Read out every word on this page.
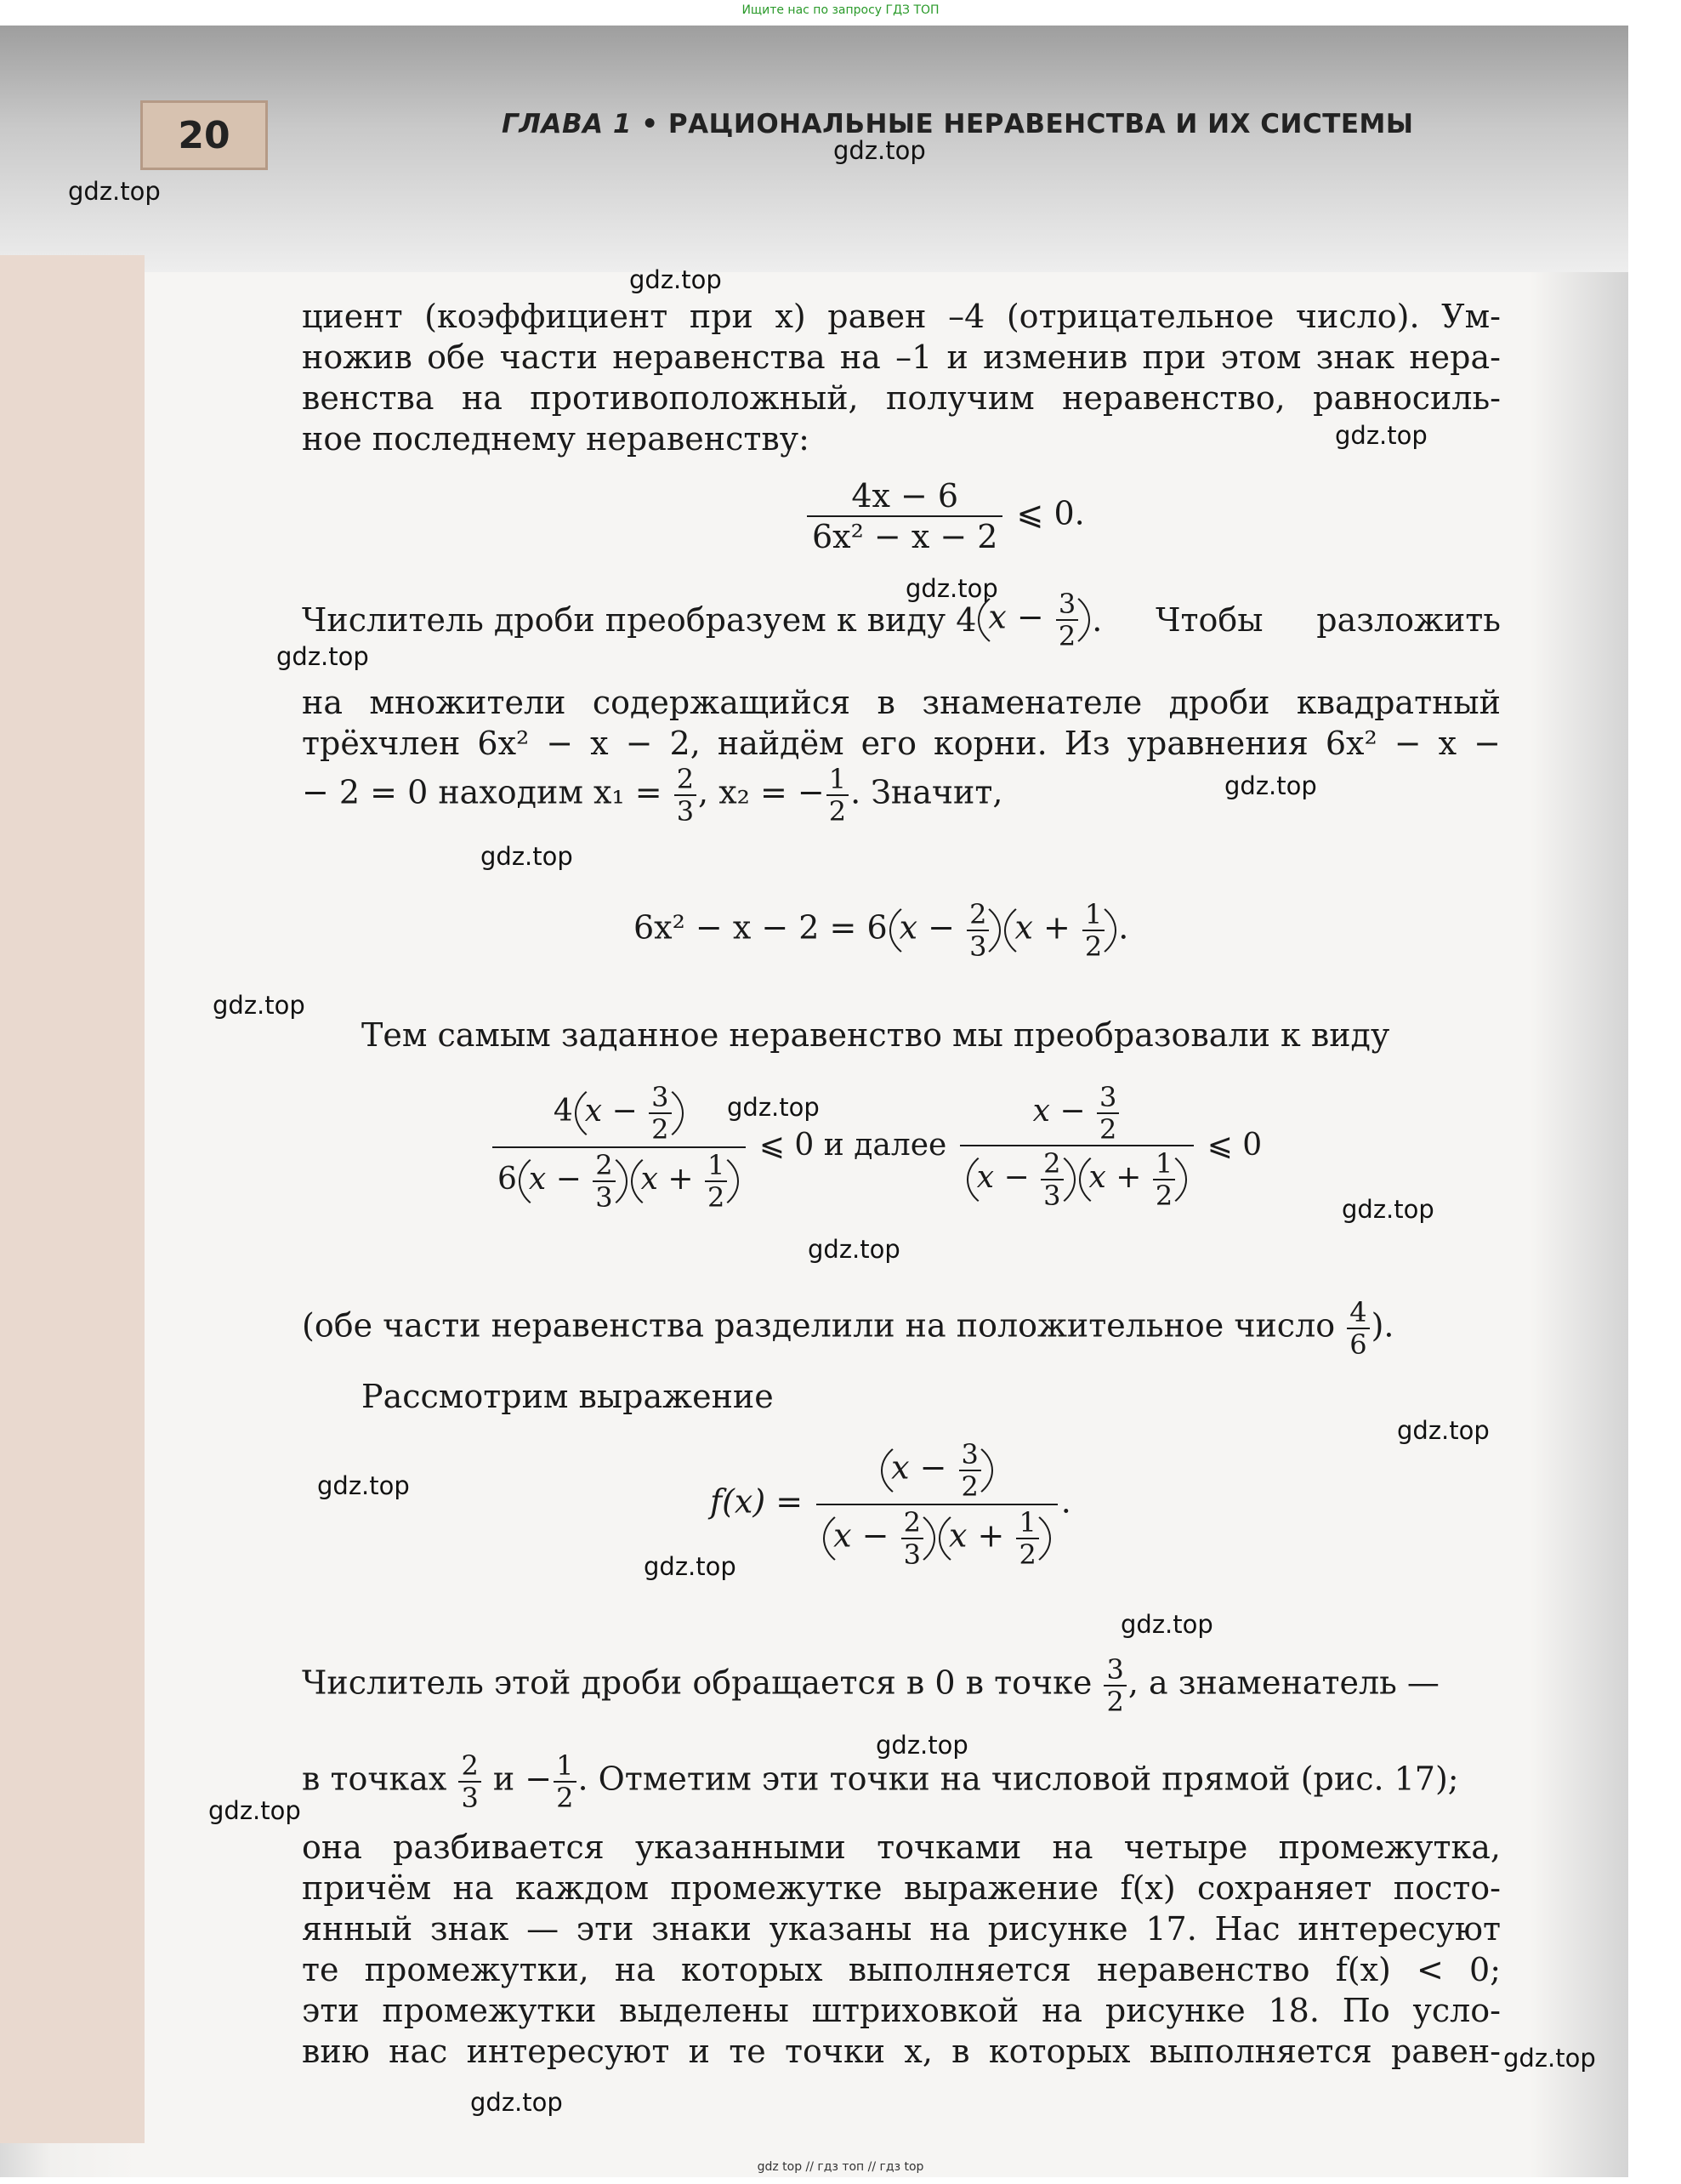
Ищите нас по запросу ГДЗ ТОП
20	ГЛАВА 1 • РАЦИОНАЛЬНЫЕ НЕРАВЕНСТВА И ИХ СИСТЕМЫ
gdz.top
gdz.top
gdz.top
gdz.top
gdz.top
gdz.top
gdz.top
gdz.top
gdz.top
gdz.top
gdz.top
gdz.top
gdz.top
gdz.top
gdz.top
gdz.top
gdz.top
gdz.top
gdz.top
gdz.top
циент (коэффициент при x) равен –4 (отрицательное число). Ум-
ножив обе части неравенства на –1 и изменив при этом знак нера-
венства на противоположный, получим неравенство, равносиль-
ное последнему неравенству:
$\frac{4x - 6}{\text{6x² − x − 2}}$ ⩽ 0.
Числитель дроби преобразуем к виду 4 $x - \frac{3}{2}$ . Чтобы разложить
на множители содержащийся в знаменателе дроби квадратный
трёхчлен 6x² − x − 2, найдём его корни. Из уравнения 6x² − x −
− 2 = 0 находим $x_1 = \frac{2}{3}$ , x₂ = − $\frac{1}{2}$ . Значит,
6x² − x − 2 = 6 $x - \frac{2}{3}$ $x + \frac{1}{2}$ .
Тем самым заданное неравенство мы преобразовали к виду
$\frac{4 x - \frac{3}{2}}{6 x - \frac{2}{3} x + \frac{1}{2}}$ ⩽ 0 и далее $\frac{x - \frac{3}{2}}{x - \frac{2}{3} x + \frac{1}{2}}$ ⩽ 0
(обе части неравенства разделили на положительное число $\frac{4}{6}$ ).
Рассмотрим выражение
$f(x) = \frac{x - \frac{3}{2}}{x - \frac{2}{3} x + \frac{1}{2}}$ .
Числитель этой дроби обращается в 0 в точке $\frac{3}{2}$ , а знаменатель —
в точках $\frac{2}{3}$ $и - \frac{1}{2}$ . Отметим эти точки на числовой прямой (рис. 17);
она разбивается указанными точками на четыре промежутка,
причём на каждом промежутке выражение f(x) сохраняет посто-
янный знак — эти знаки указаны на рисунке 17. Нас интересуют
те промежутки, на которых выполняется неравенство f(x) < 0;
эти промежутки выделены штриховкой на рисунке 18. По усло-
вию нас интересуют и те точки x, в которых выполняется равен-
gdz top // гдз топ // гдз top
